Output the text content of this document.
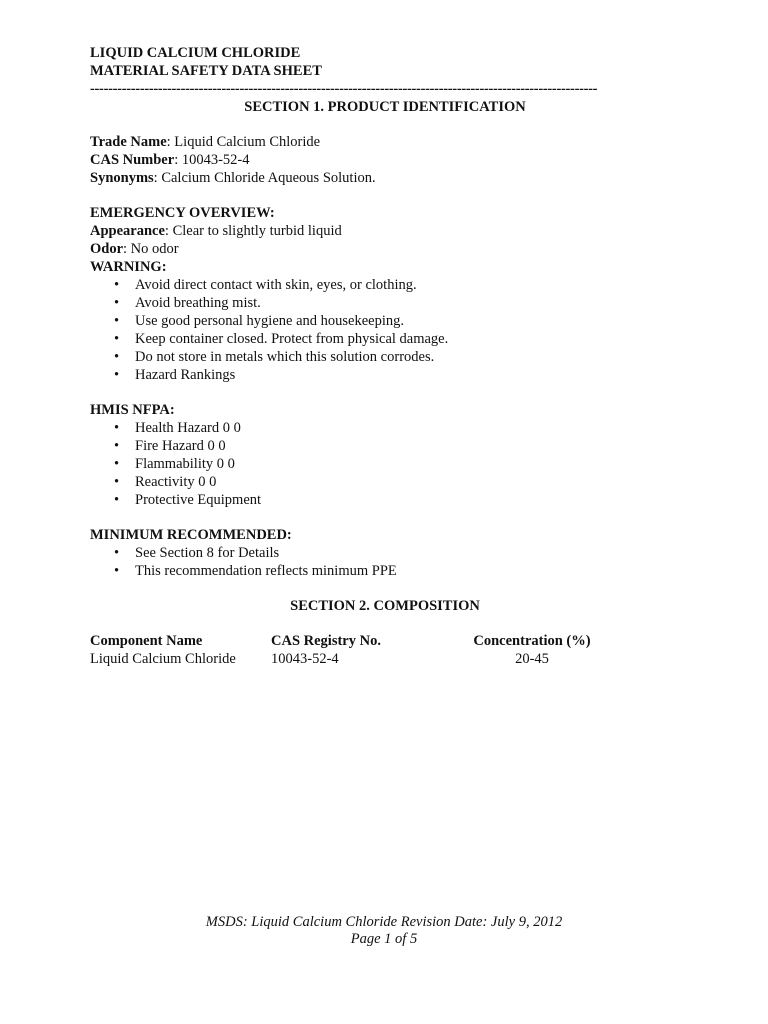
LIQUID CALCIUM CHLORIDE
MATERIAL SAFETY DATA SHEET
----------------------------------------------------------------------------------------------------------------
SECTION 1. PRODUCT IDENTIFICATION
Trade Name: Liquid Calcium Chloride
CAS Number: 10043-52-4
Synonyms: Calcium Chloride Aqueous Solution.
EMERGENCY OVERVIEW:
Appearance: Clear to slightly turbid liquid
Odor: No odor
WARNING:
• Avoid direct contact with skin, eyes, or clothing.
• Avoid breathing mist.
• Use good personal hygiene and housekeeping.
• Keep container closed. Protect from physical damage.
• Do not store in metals which this solution corrodes.
• Hazard Rankings
HMIS NFPA:
• Health Hazard 0 0
• Fire Hazard 0 0
• Flammability 0 0
• Reactivity 0 0
• Protective Equipment
MINIMUM RECOMMENDED:
• See Section 8 for Details
• This recommendation reflects minimum PPE
SECTION 2. COMPOSITION
Component Name	CAS Registry No.	Concentration (%)
Liquid Calcium Chloride	10043-52-4	20-45
MSDS: Liquid Calcium Chloride Revision Date: July 9, 2012
Page 1 of 5
